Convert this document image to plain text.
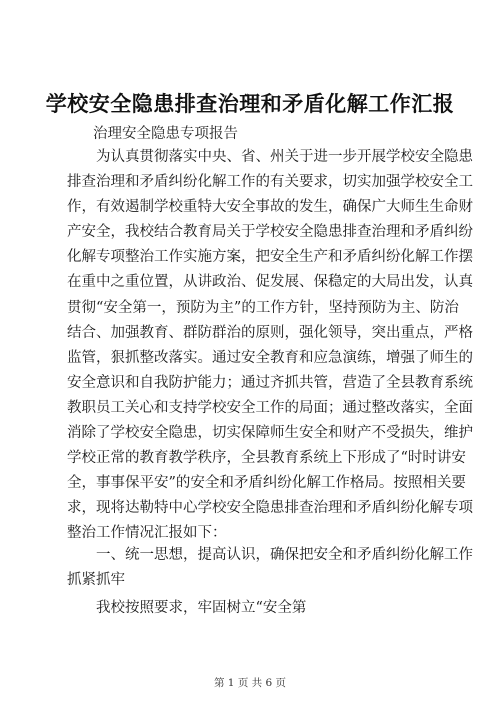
学校安全隐患排查治理和矛盾化解工作汇报
治理安全隐患专项报告
为认真贯彻落实中央、省、州关于进一步开展学校安全隐患
排查治理和矛盾纠纷化解工作的有关要求，切实加强学校安全工
作，有效遏制学校重特大安全事故的发生，确保广大师生生命财
产安全，我校结合教育局关于学校安全隐患排查治理和矛盾纠纷
化解专项整治工作实施方案，把安全生产和矛盾纠纷化解工作摆
在重中之重位置，从讲政治、促发展、保稳定的大局出发，认真
贯彻“安全第一，预防为主”的工作方针，坚持预防为主、防治
结合、加强教育、群防群治的原则，强化领导，突出重点，严格
监管，狠抓整改落实。通过安全教育和应急演练，增强了师生的
安全意识和自我防护能力；通过齐抓共管，营造了全县教育系统
教职员工关心和支持学校安全工作的局面；通过整改落实，全面
消除了学校安全隐患，切实保障师生安全和财产不受损失，维护
学校正常的教育教学秩序，全县教育系统上下形成了“时时讲安
全，事事保平安”的安全和矛盾纠纷化解工作格局。按照相关要
求，现将达勒特中心学校安全隐患排查治理和矛盾纠纷化解专项
整治工作情况汇报如下：
一、统一思想，提高认识，确保把安全和矛盾纠纷化解工作
抓紧抓牢
我校按照要求，牢固树立“安全第
第 1 页 共 6 页
